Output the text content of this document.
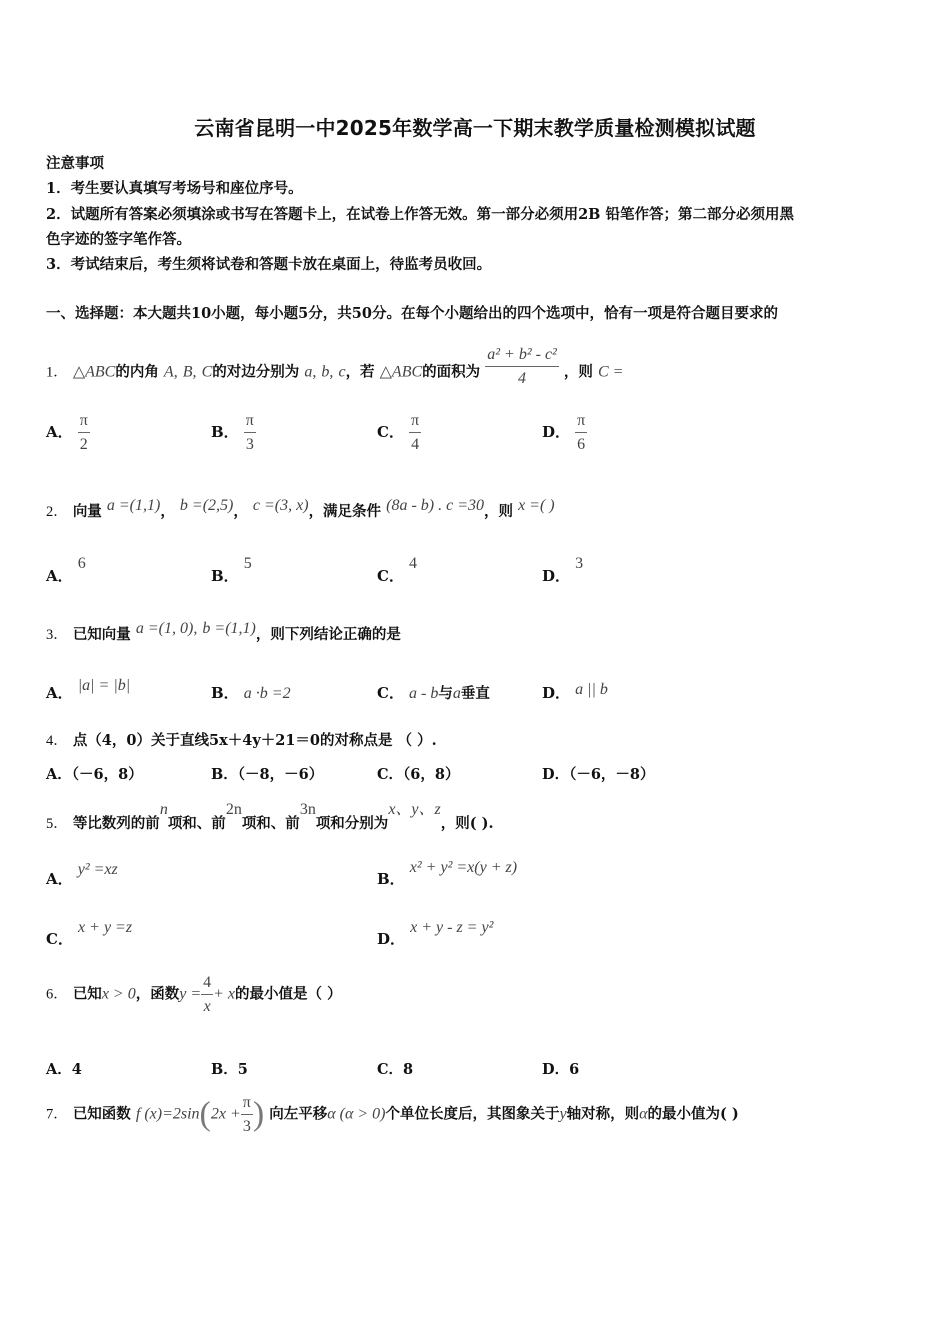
云南省昆明一中2025年数学高一下期末教学质量检测模拟试题
注意事项
1．考生要认真填写考场号和座位序号。
2．试题所有答案必须填涂或书写在答题卡上，在试卷上作答无效。第一部分必须用2B 铅笔作答；第二部分必须用黑
色字迹的签字笔作答。
3．考试结束后，考生须将试卷和答题卡放在桌面上，待监考员收回。
一、选择题：本大题共10小题，每小题5分，共50分。在每个小题给出的四个选项中，恰有一项是符合题目要求的
1． △ABC的内角 A, B, C的对边分别为 a, b, c，若 △ABC的面积为 $\frac{\text{a² + b² - c²}}{4}$ ，则 C =
A． $\frac{\pi}{2}$	B． $\frac{\pi}{3}$	C． $\frac{\pi}{4}$	D． $\frac{\pi}{6}$
2． 向量 a =(1,1)， b =(2,5)， c =(3, x)，满足条件 (8a - b) . c =30，则 x =( )
A． 6
B． 5
C． 4
D． 3
3． 已知向量 a =(1, 0), b =(1,1)，则下列结论正确的是
A． |a| = |b|	B． a ·b =2	C． a - b与a垂直	D． a || b
4． 点（4，0）关于直线5x＋4y＋21＝0的对称点是 （ ）.
A．（－6，8）	B．（－8，－6）	C．（6，8）	D．（－6，－8）
5． 等比数列的前n项和、前2n项和、前3n项和分别为x、y、z，则( ).
A． y² =xz
B． x² + y² =x(y + z)
C． x + y =z
D． x + y - z = y²
6． 已知x > 0，函数$y = \frac{4}{x} + x$的最小值是（ ）
A．4	B．5	C．8	D．6
7． 已知函数 f $(x)=2\sin(2x + \frac{\pi}{3}$ ) 向左平移α (α > 0)个单位长度后，其图象关于y轴对称，则α的最小值为( )
